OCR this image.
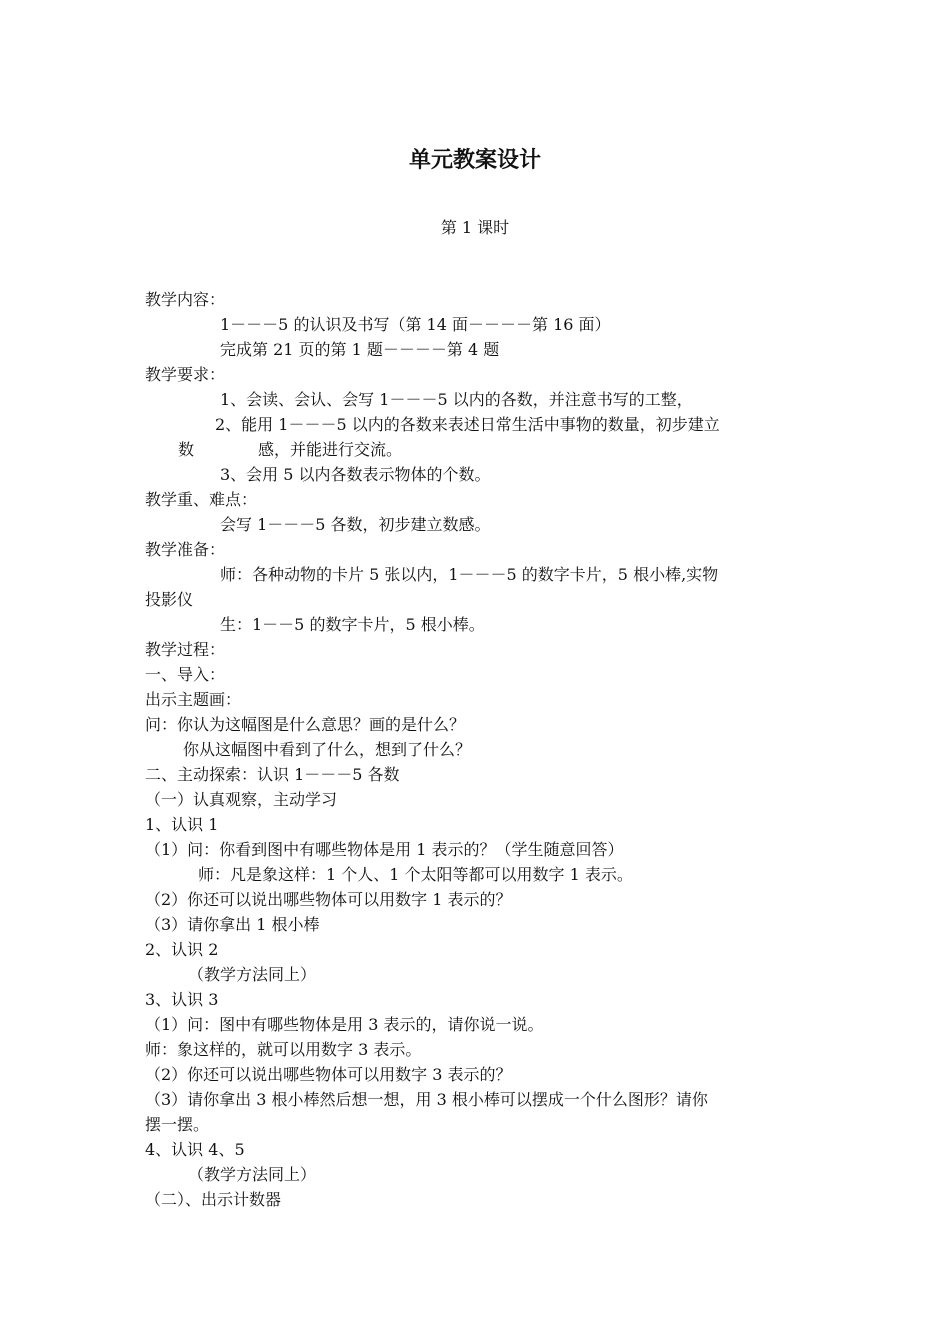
单元教案设计
第 1 课时
教学内容：
1－－－5 的认识及书写（第 14 面－－－－第 16 面）
完成第 21 页的第 1 题－－－－第 4 题
教学要求：
1、会读、会认、会写 1－－－5 以内的各数，并注意书写的工整，
2、能用 1－－－5 以内的各数来表述日常生活中事物的数量，初步建立
数	感，并能进行交流。
3、会用 5 以内各数表示物体的个数。
教学重、难点：
会写 1－－－5 各数，初步建立数感。
教学准备：
师：各种动物的卡片 5 张以内，1－－－5 的数字卡片，5 根小棒,实物
投影仪
生：1－－5 的数字卡片，5 根小棒。
教学过程：
一、导入：
出示主题画：
问：你认为这幅图是什么意思？画的是什么？
你从这幅图中看到了什么，想到了什么？
二、主动探索：认识 1－－－5 各数
（一）认真观察，主动学习
1、认识 1
（1）问：你看到图中有哪些物体是用 1 表示的？（学生随意回答）
师：凡是象这样：1 个人、1 个太阳等都可以用数字 1 表示。
（2）你还可以说出哪些物体可以用数字 1 表示的？
（3）请你拿出 1 根小棒
2、认识 2
（教学方法同上）
3、认识 3
（1）问：图中有哪些物体是用 3 表示的，请你说一说。
师：象这样的，就可以用数字 3 表示。
（2）你还可以说出哪些物体可以用数字 3 表示的？
（3）请你拿出 3 根小棒然后想一想，用 3 根小棒可以摆成一个什么图形？请你
摆一摆。
4、认识 4、5
（教学方法同上）
（二）、出示计数器
